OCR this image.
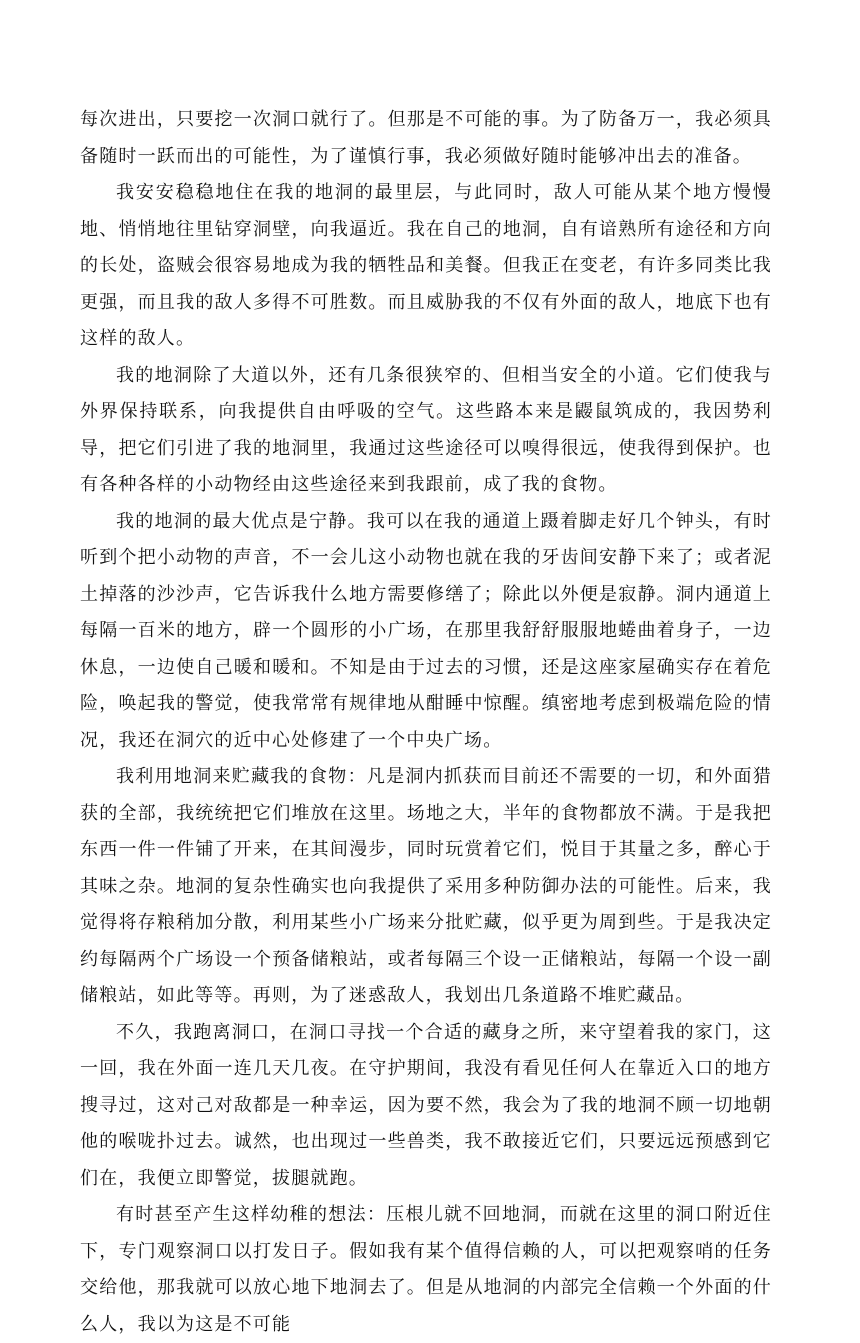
每次进出，只要挖一次洞口就行了。但那是不可能的事。为了防备万一，我必须具备随时一跃而出的可能性，为了谨慎行事，我必须做好随时能够冲出去的准备。

我安安稳稳地住在我的地洞的最里层，与此同时，敌人可能从某个地方慢慢地、悄悄地往里钻穿洞壁，向我逼近。我在自己的地洞，自有谙熟所有途径和方向的长处，盗贼会很容易地成为我的牺牲品和美餐。但我正在变老，有许多同类比我更强，而且我的敌人多得不可胜数。而且威胁我的不仅有外面的敌人，地底下也有这样的敌人。

我的地洞除了大道以外，还有几条很狭窄的、但相当安全的小道。它们使我与外界保持联系，向我提供自由呼吸的空气。这些路本来是鼹鼠筑成的，我因势利导，把它们引进了我的地洞里，我通过这些途径可以嗅得很远，使我得到保护。也有各种各样的小动物经由这些途径来到我跟前，成了我的食物。

我的地洞的最大优点是宁静。我可以在我的通道上蹑着脚走好几个钟头，有时听到个把小动物的声音，不一会儿这小动物也就在我的牙齿间安静下来了；或者泥土掉落的沙沙声，它告诉我什么地方需要修缮了；除此以外便是寂静。洞内通道上每隔一百米的地方，辟一个圆形的小广场，在那里我舒舒服服地蜷曲着身子，一边休息，一边使自己暖和暖和。不知是由于过去的习惯，还是这座家屋确实存在着危险，唤起我的警觉，使我常常有规律地从酣睡中惊醒。缜密地考虑到极端危险的情况，我还在洞穴的近中心处修建了一个中央广场。

我利用地洞来贮藏我的食物：凡是洞内抓获而目前还不需要的一切，和外面猎获的全部，我统统把它们堆放在这里。场地之大，半年的食物都放不满。于是我把东西一件一件铺了开来，在其间漫步，同时玩赏着它们，悦目于其量之多，醉心于其味之杂。地洞的复杂性确实也向我提供了采用多种防御办法的可能性。后来，我觉得将存粮稍加分散，利用某些小广场来分批贮藏，似乎更为周到些。于是我决定约每隔两个广场设一个预备储粮站，或者每隔三个设一正储粮站，每隔一个设一副储粮站，如此等等。再则，为了迷惑敌人，我划出几条道路不堆贮藏品。

不久，我跑离洞口，在洞口寻找一个合适的藏身之所，来守望着我的家门，这一回，我在外面一连几天几夜。在守护期间，我没有看见任何人在靠近入口的地方搜寻过，这对己对敌都是一种幸运，因为要不然，我会为了我的地洞不顾一切地朝他的喉咙扑过去。诚然，也出现过一些兽类，我不敢接近它们，只要远远预感到它们在，我便立即警觉，拔腿就跑。

有时甚至产生这样幼稚的想法：压根儿就不回地洞，而就在这里的洞口附近住下，专门观察洞口以打发日子。假如我有某个值得信赖的人，可以把观察哨的任务交给他，那我就可以放心地下地洞去了。但是从地洞的内部完全信赖一个外面的什么人，我以为这是不可能
